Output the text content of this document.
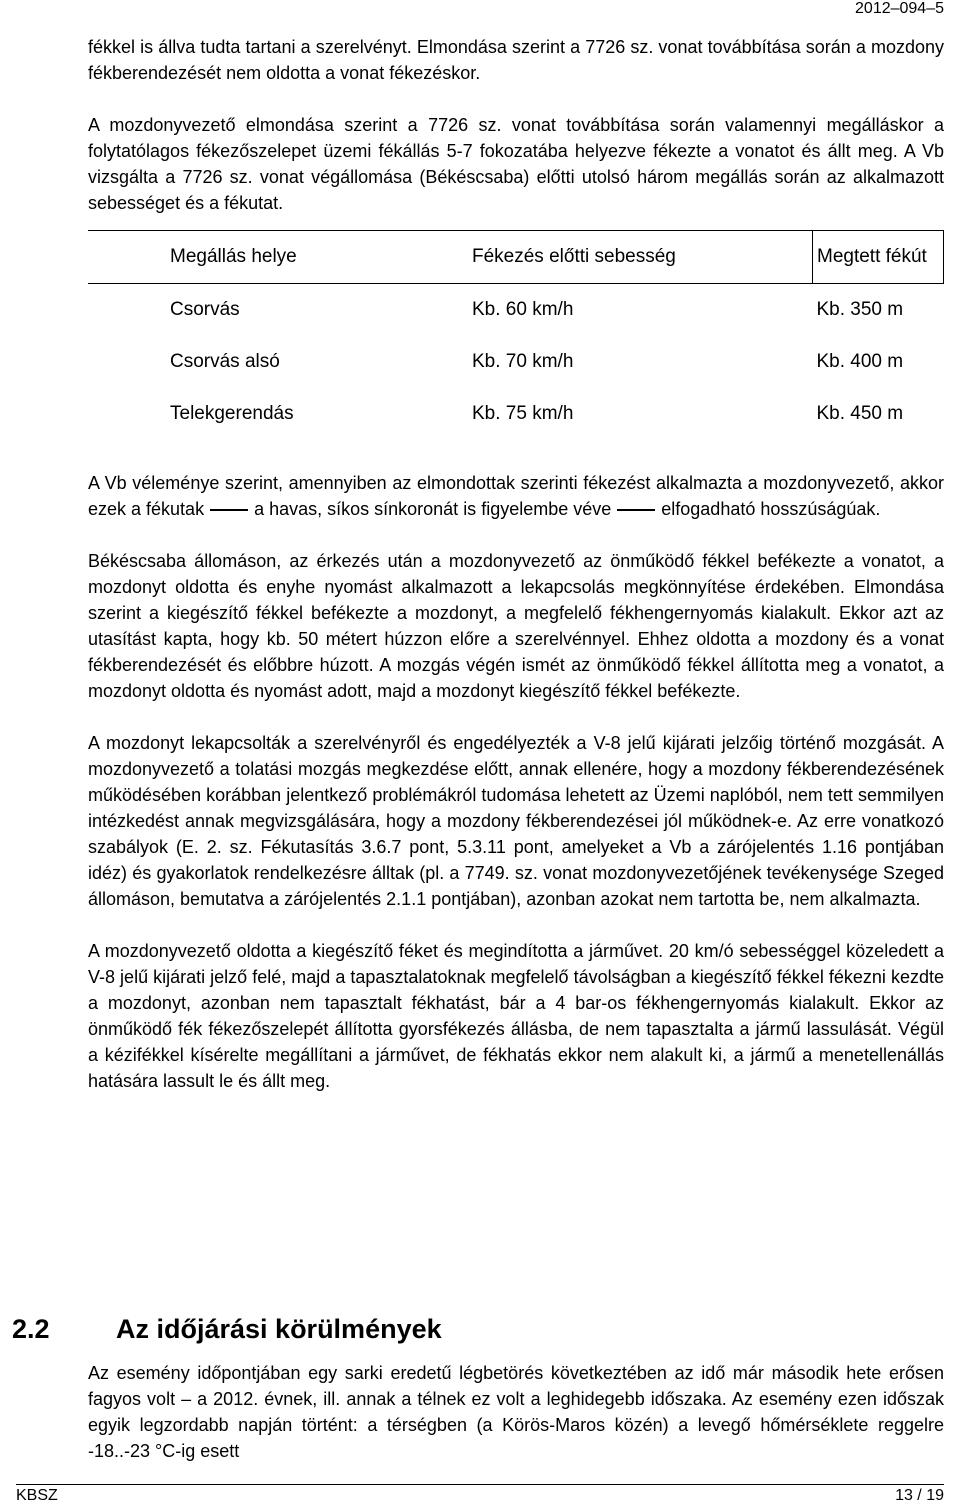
2012–094–5

fékkel is állva tudta tartani a szerelvényt. Elmondása szerint a 7726 sz. vonat továbbítása során a mozdony fékberendezését nem oldotta a vonat fékezéskor.

A mozdonyvezető elmondása szerint a 7726 sz. vonat továbbítása során valamennyi megálláskor a folytatólagos fékezőszelepet üzemi fékállás 5-7 fokozatába helyezve fékezte a vonatot és állt meg. A Vb vizsgálta a 7726 sz. vonat végállomása (Békéscsaba) előtti utolsó három megállás során az alkalmazott sebességet és a fékutat.

	Megállás helye	Fékezés előtti sebesség	Megtett fékút
	Csorvás	Kb. 60 km/h	Kb. 350 m
	Csorvás alsó	Kb. 70 km/h	Kb. 400 m
	Telekgerendás	Kb. 75 km/h	Kb. 450 m

A Vb véleménye szerint, amennyiben az elmondottak szerinti fékezést alkalmazta a mozdonyvezető, akkor ezek a fékutak	a havas, síkos sínkoronát is figyelembe véve	elfogadható hosszúságúak.

Békéscsaba állomáson, az érkezés után a mozdonyvezető az önműködő fékkel befékezte a vonatot, a mozdonyt oldotta és enyhe nyomást alkalmazott a lekapcsolás megkönnyítése érdekében. Elmondása szerint a kiegészítő fékkel befékezte a mozdonyt, a megfelelő fékhengernyomás kialakult. Ekkor azt az utasítást kapta, hogy kb. 50 métert húzzon előre a szerelvénnyel. Ehhez oldotta a mozdony és a vonat fékberendezését és előbbre húzott. A mozgás végén ismét az önműködő fékkel állította meg a vonatot, a mozdonyt oldotta és nyomást adott, majd a mozdonyt kiegészítő fékkel befékezte.

A mozdonyt lekapcsolták a szerelvényről és engedélyezték a V-8 jelű kijárati jelzőig történő mozgását. A mozdonyvezető a tolatási mozgás megkezdése előtt, annak ellenére, hogy a mozdony fékberendezésének működésében korábban jelentkező problémákról tudomása lehetett az Üzemi naplóból, nem tett semmilyen intézkedést annak megvizsgálására, hogy a mozdony fékberendezései jól működnek-e. Az erre vonatkozó szabályok (E. 2. sz. Fékutasítás 3.6.7 pont, 5.3.11 pont, amelyeket a Vb a zárójelentés 1.16 pontjában idéz) és gyakorlatok rendelkezésre álltak (pl. a 7749. sz. vonat mozdonyvezetőjének tevékenysége Szeged állomáson, bemutatva a zárójelentés 2.1.1 pontjában), azonban azokat nem tartotta be, nem alkalmazta.

A mozdonyvezető oldotta a kiegészítő féket és megindította a járművet. 20 km/ó sebességgel közeledett a V-8 jelű kijárati jelző felé, majd a tapasztalatoknak megfelelő távolságban a kiegészítő fékkel fékezni kezdte a mozdonyt, azonban nem tapasztalt fékhatást, bár a 4 bar-os fékhengernyomás kialakult. Ekkor az önműködő fék fékezőszelepét állította gyorsfékezés állásba, de nem tapasztalta a jármű lassulását. Végül a kézifékkel kísérelte megállítani a járművet, de fékhatás ekkor nem alakult ki, a jármű a menetellenállás hatására lassult le és állt meg.

2.2 Az időjárási körülmények

Az esemény időpontjában egy sarki eredetű légbetörés következtében az idő már második hete erősen fagyos volt – a 2012. évnek, ill. annak a télnek ez volt a leghidegebb időszaka. Az esemény ezen időszak egyik legzordabb napján történt: a térségben (a Körös-Maros közén) a levegő hőmérséklete reggelre -18..-23 °C-ig esett

KBSZ	13 / 19
